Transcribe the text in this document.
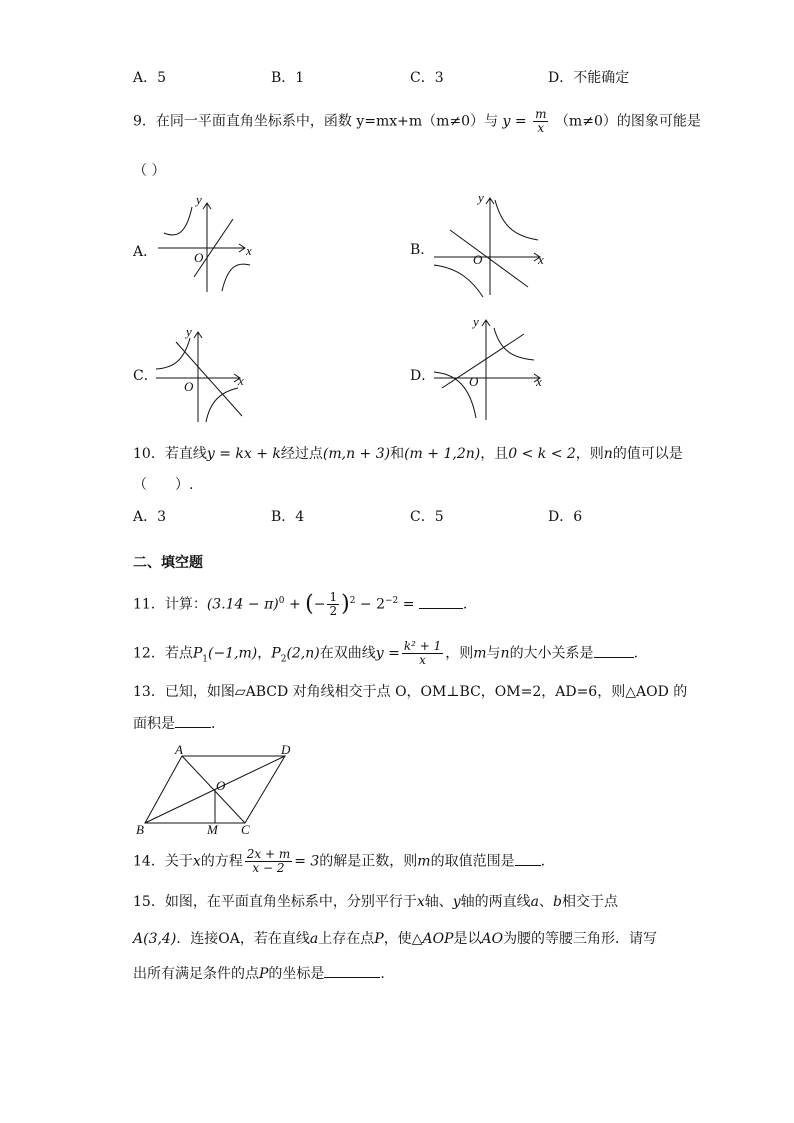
A．5	B．1	C．3	D．不能确定
9．在同一平面直角坐标系中，函数 y=mx+m（m≠0）与 $y = \frac{m}{x} (m\ne 0)$的图象可能是
（ ）
A．
y
x
O	B．
y
x
O
C．
y
x
O
D．
y
x
O
10．若直线y = kx + k经过点(m,n + 3)和(m + 1,2n)，且0 < k < 2，则n的值可以是
（　　）.
A．3	B．4	C．5	D．6
二、填空题
11．计算：$(3.14 - \pi)^0$ + (− $\frac{1}{2} )^2 - 2^{-2}$ =	.
12．若点$P_1(-1,m)$，$P_2(2,n)$在双曲线$y = \frac{\text{k² + 1}}{x}$ ，则m与n的大小关系是	.
13．已知，如图▱ABCD 对角线相交于点 O，OM⊥BC，OM=2，AD=6，则△AOD 的
面积是	.
A	D
O
B	M C
14．关于x的方程 $\frac{2x + m}{x - 2} = 3$的解是正数，则m的取值范围是 .
15．如图，在平面直角坐标系中，分别平行于x轴、y轴的两直线a、b相交于点
A(3,4)．连接OA，若在直线a上存在点P，使△AOP是以AO为腰的等腰三角形．请写
出所有满足条件的点P的坐标是	.
